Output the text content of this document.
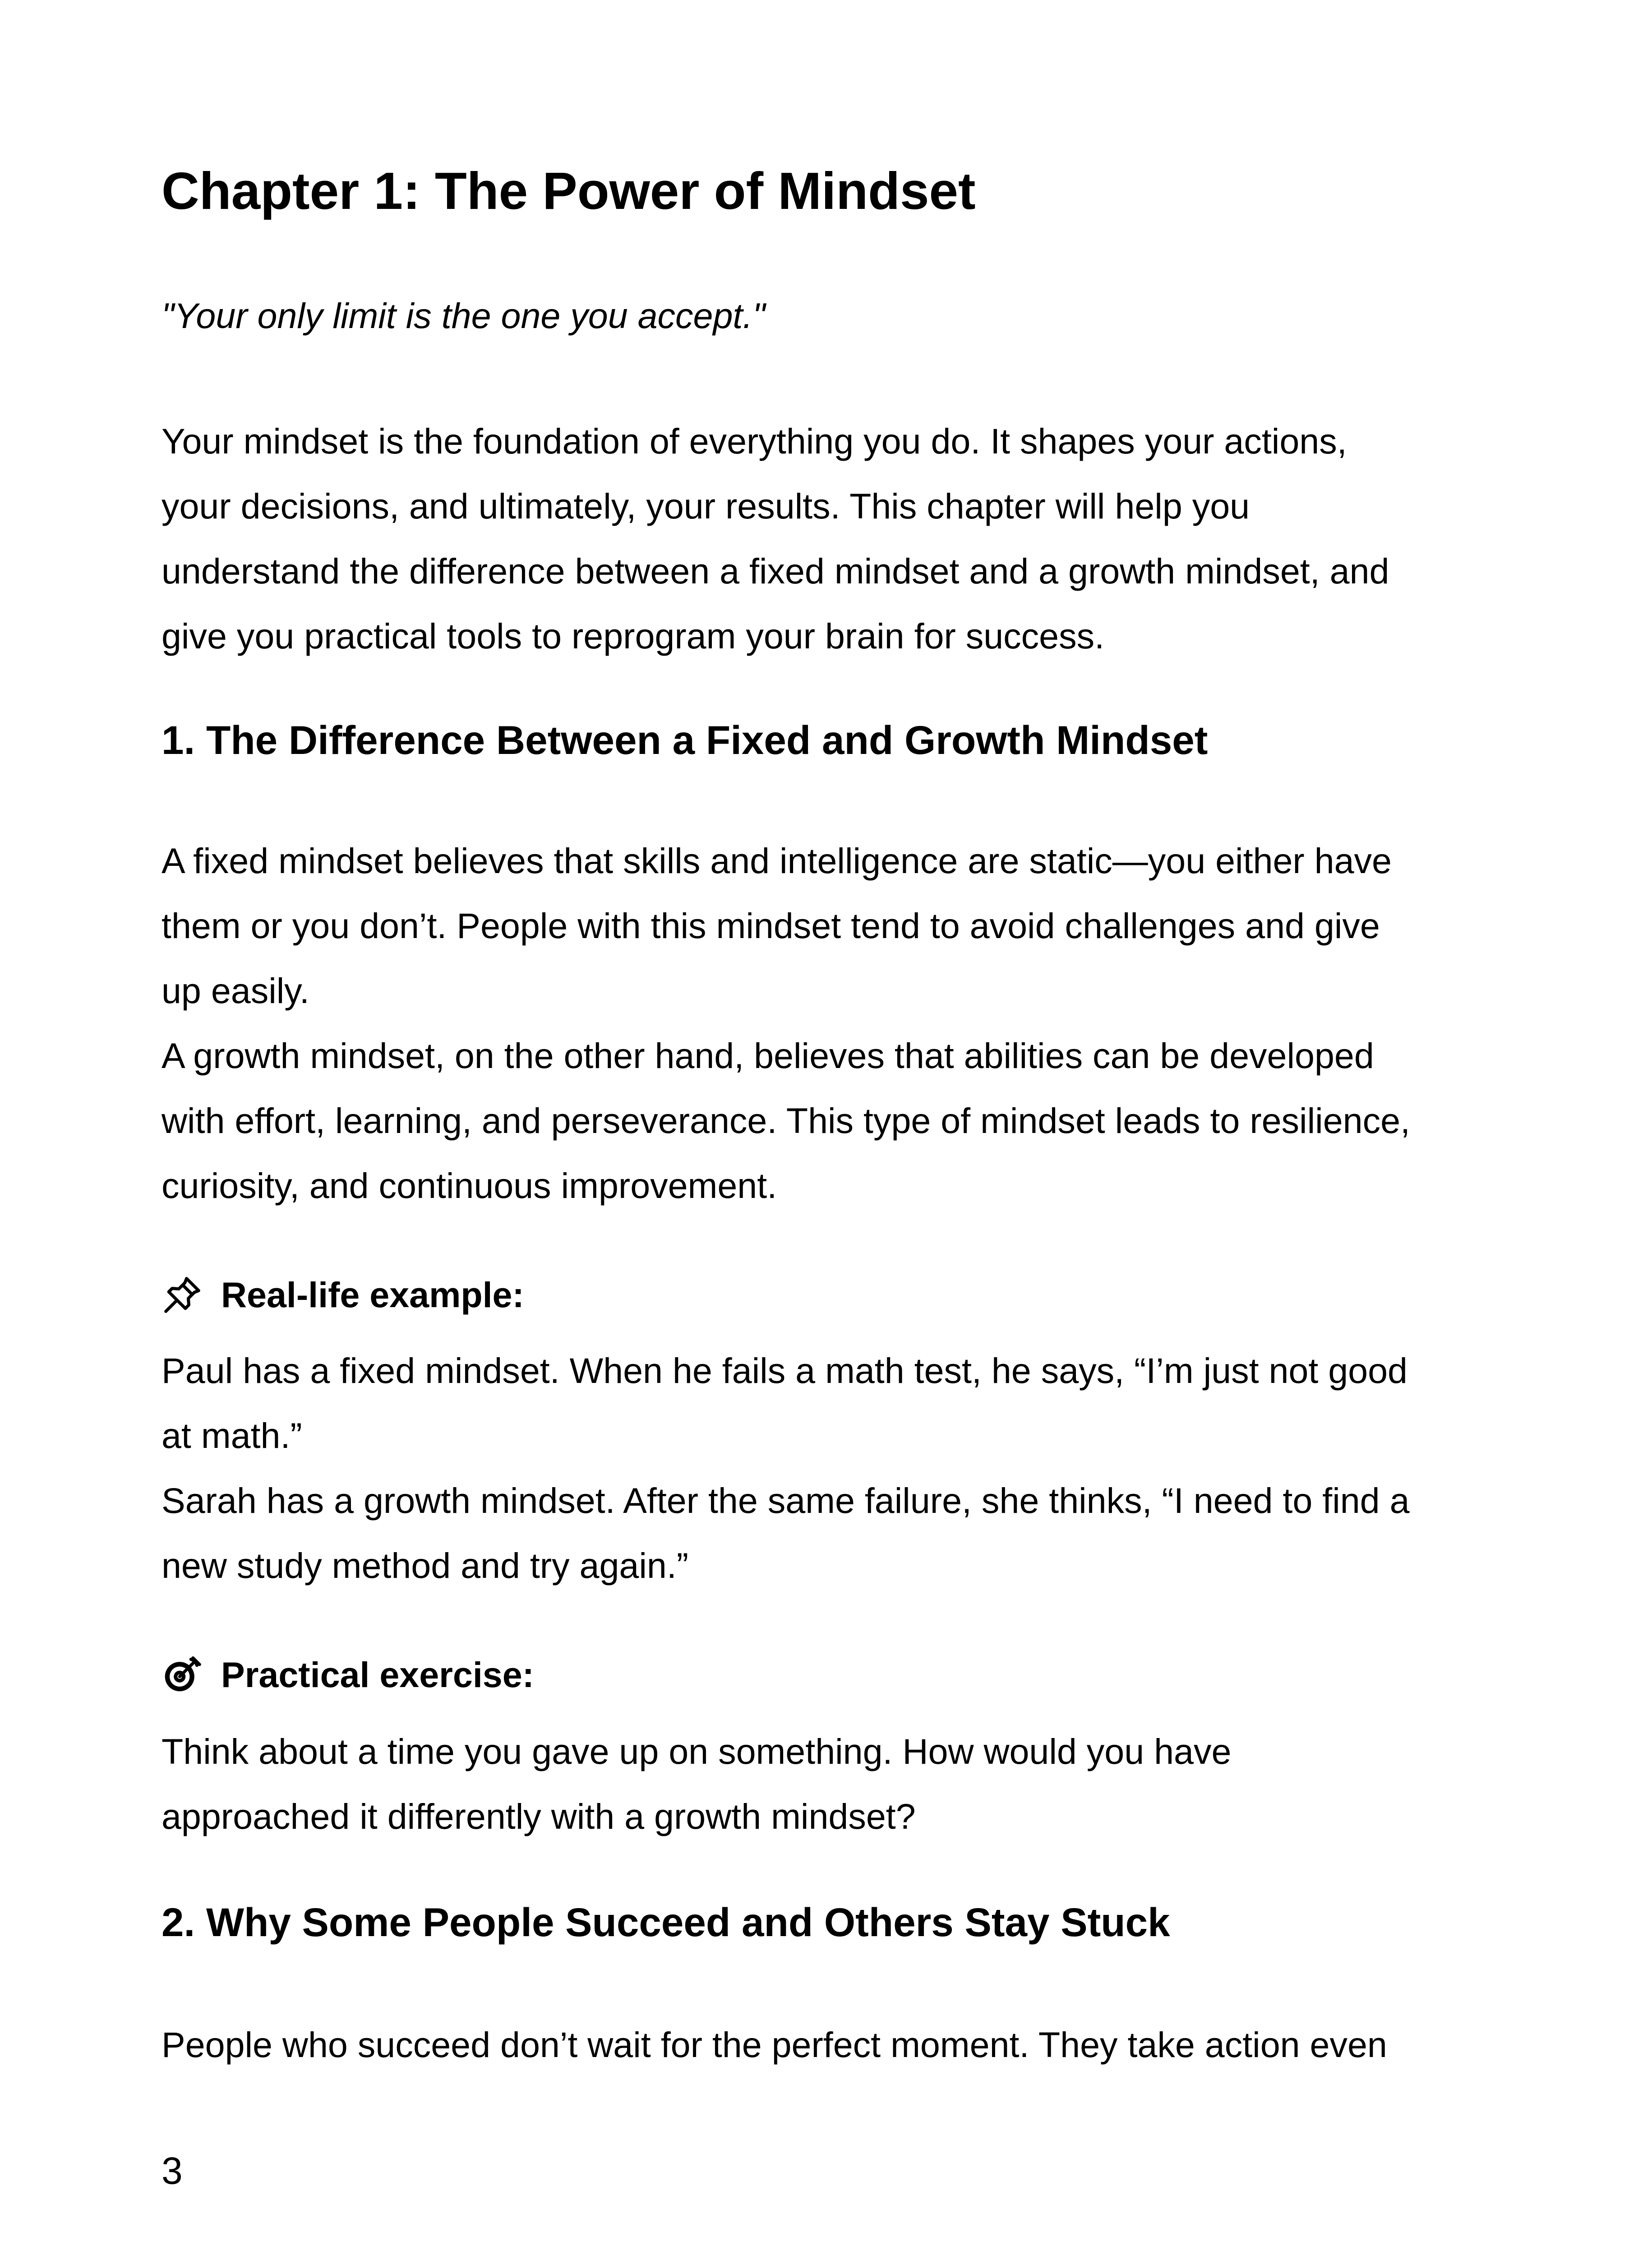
Chapter 1: The Power of Mindset

"Your only limit is the one you accept."

Your mindset is the foundation of everything you do. It shapes your actions,
your decisions, and ultimately, your results. This chapter will help you
understand the difference between a fixed mindset and a growth mindset, and
give you practical tools to reprogram your brain for success.
1. The Difference Between a Fixed and Growth Mindset
A fixed mindset believes that skills and intelligence are static—you either have
them or you don’t. People with this mindset tend to avoid challenges and give
up easily.
A growth mindset, on the other hand, believes that abilities can be developed
with effort, learning, and perseverance. This type of mindset leads to resilience,
curiosity, and continuous improvement.
Real-life example:
Paul has a fixed mindset. When he fails a math test, he says, “I’m just not good
at math.”
Sarah has a growth mindset. After the same failure, she thinks, “I need to find a
new study method and try again.”
Practical exercise:
Think about a time you gave up on something. How would you have
approached it differently with a growth mindset?
2. Why Some People Succeed and Others Stay Stuck
People who succeed don’t wait for the perfect moment. They take action even
3
